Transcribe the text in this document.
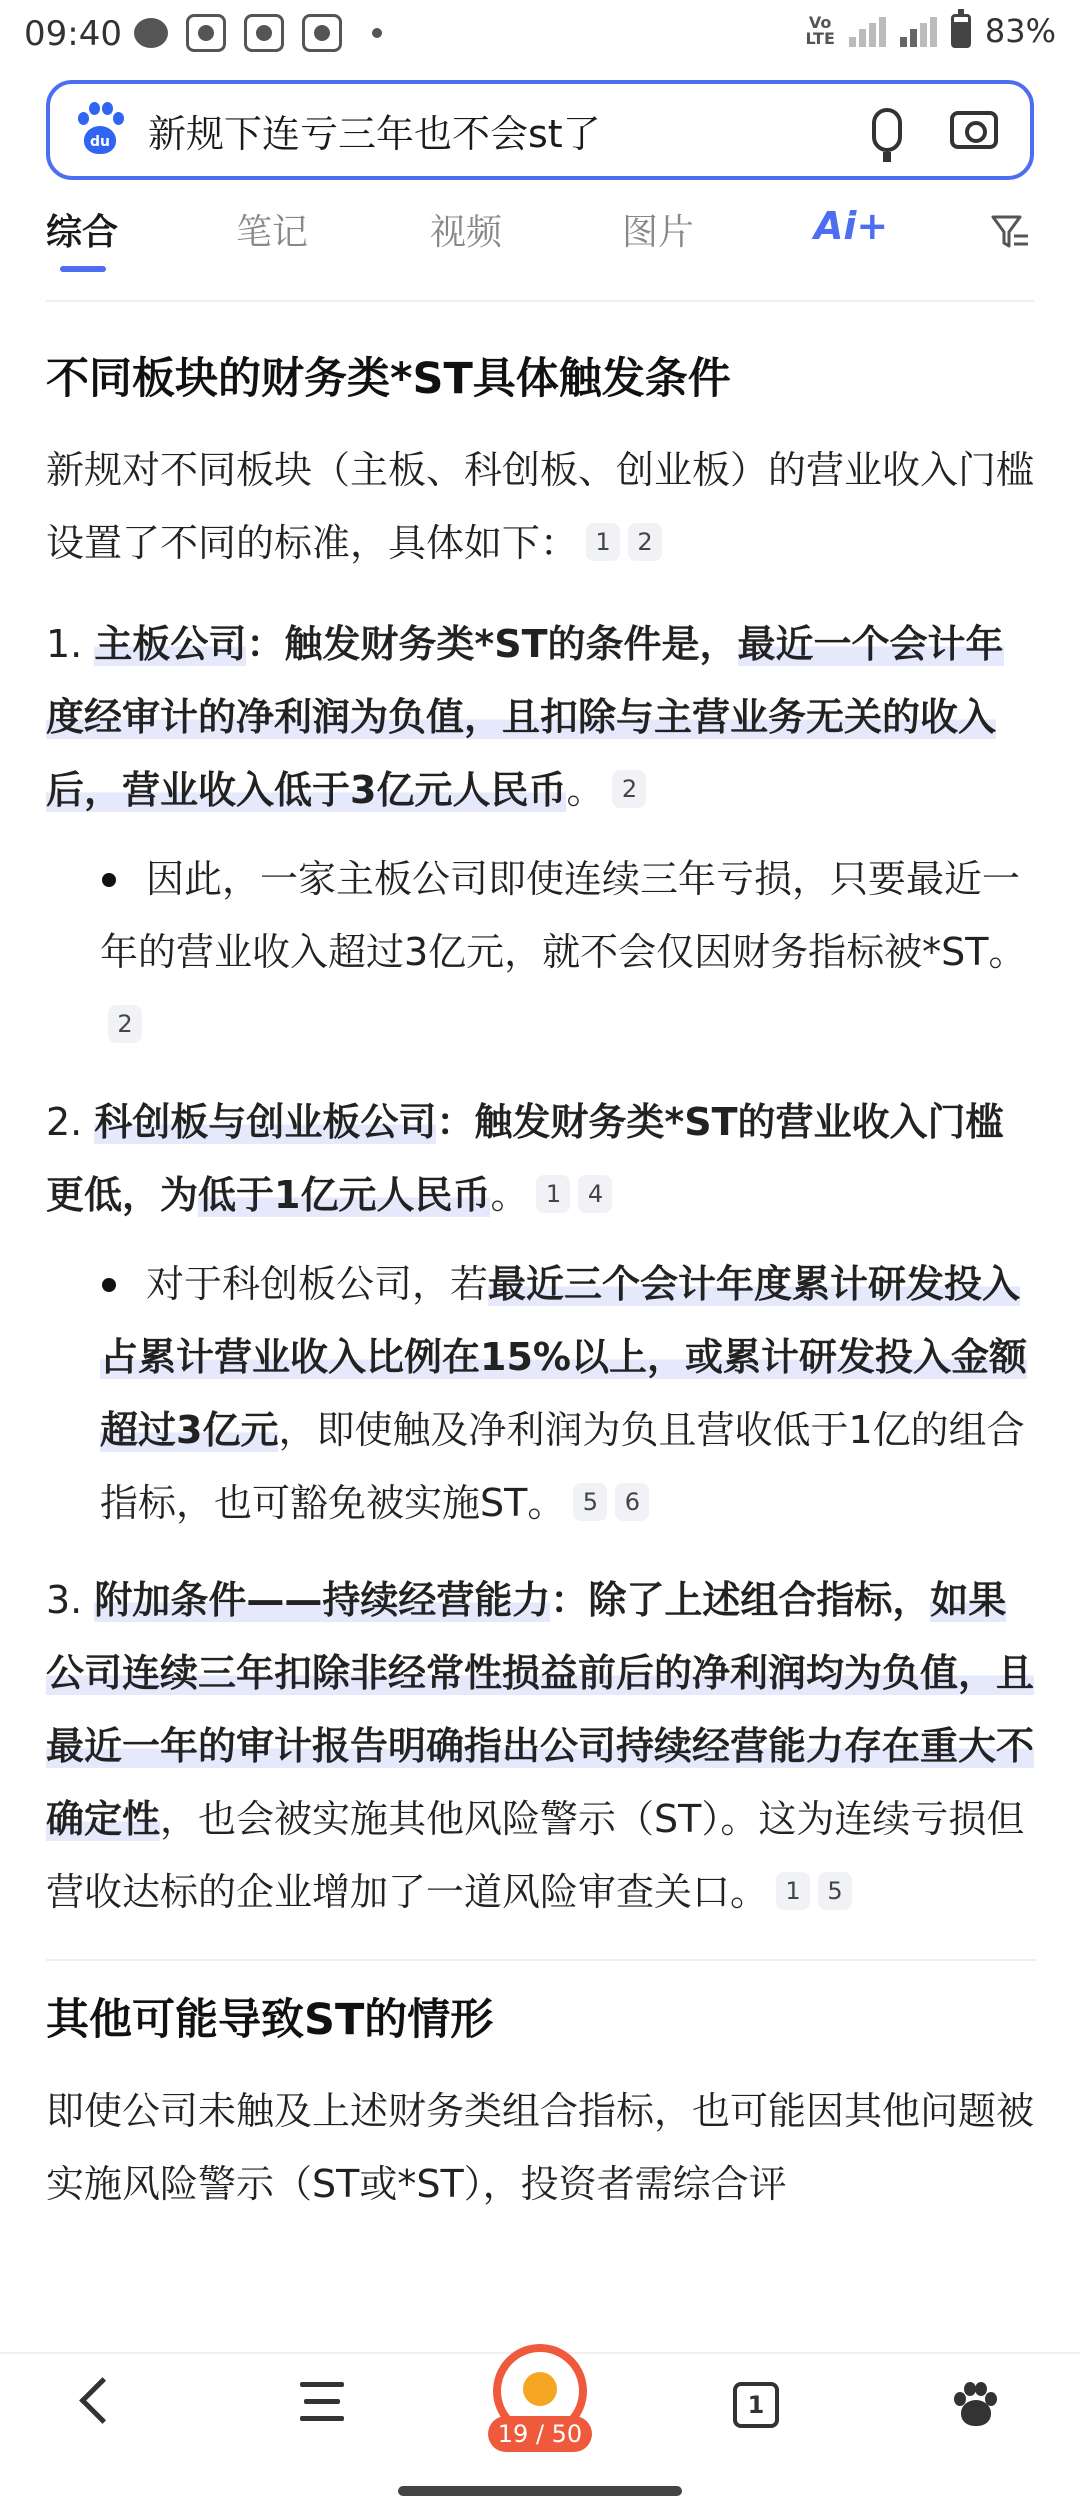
09:40	Vo
LTE	83%
du 新规下连亏三年也不会st了
综合	笔记	视频	图片	Ai+
不同板块的财务类*ST具体触发条件

新规对不同板块（主板、科创板、创业板）的营业收入门槛设置了不同的标准，具体如下： 1 2

1. 主板公司：触发财务类*ST的条件是，最近一个会计年度经审计的净利润为负值，且扣除与主营业务无关的收入后，营业收入低于3亿元人民币。 2

因此，一家主板公司即使连续三年亏损，只要最近一年的营业收入超过3亿元，就不会仅因财务指标被*ST。2

2. 科创板与创业板公司：触发财务类*ST的营业收入门槛更低，为低于1亿元人民币。 1 4

对于科创板公司，若最近三个会计年度累计研发投入占累计营业收入比例在15%以上，或累计研发投入金额超过3亿元，即使触及净利润为负且营收低于1亿的组合指标，也可豁免被实施ST。 5 6

3. 附加条件——持续经营能力：除了上述组合指标，如果公司连续三年扣除非经常性损益前后的净利润均为负值，且最近一年的审计报告明确指出公司持续经营能力存在重大不确定性，也会被实施其他风险警示（ST）。这为连续亏损但营收达标的企业增加了一道风险审查关口。 1 5

其他可能导致ST的情形

即使公司未触及上述财务类组合指标，也可能因其他问题被实施风险警示（ST或*ST），投资者需综合评

19 / 50
1
